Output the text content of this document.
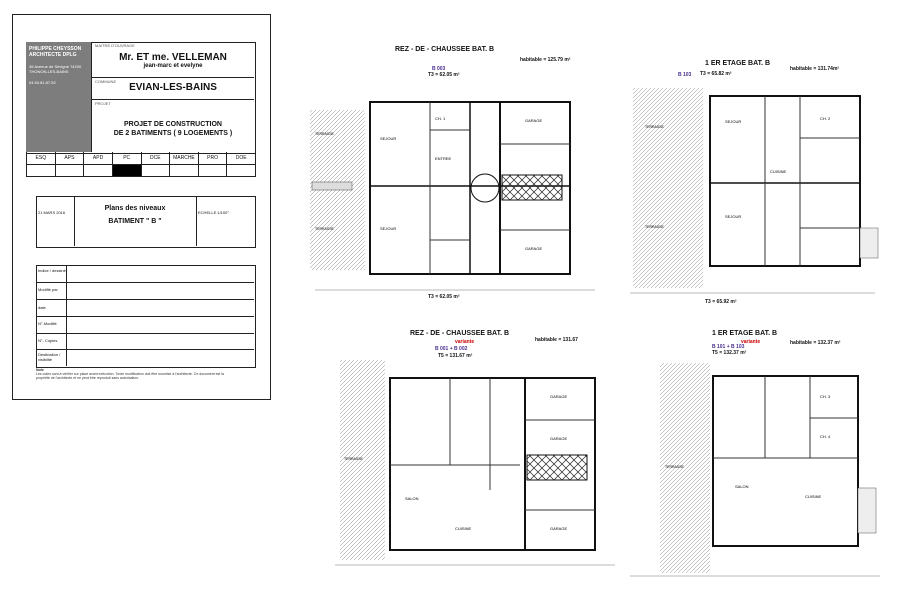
PHILIPPE CHEYSSON ARCHITECTE DPLG
36 Avenue de Sévigné 74200 THONON-LES-BAINS
04.50.81.87.52
MAITRE D'OUVRAGE
Mr. ET me. VELLEMAN
jean-marc et evelyne
COMMUNE
EVIAN-LES-BAINS
PROJET
PROJET DE CONSTRUCTION
DE 2 BATIMENTS ( 9 LOGEMENTS )
ESQ	APS	APD	PC	DCE	MARCHE	PRO	DOE
21 MARS 2016
Plans des niveaux
BATIMENT " B "
ECHELLE 1/100°
Indice / dessiné
Modifié par
date
N°-Modifié
N°- Copies
Destination / visibilité
Note
Les cotes sont à vérifier sur place avant exécution. Toute modification doit être soumise à l'architecte. Ce document est la propriété de l'architecte et ne peut être reproduit sans autorisation.
REZ - DE - CHAUSSEE BAT. B
habitable = 125.79 m²
B 003
T3 = 62.05 m²
T3 = 62.05 m²
SEJOUR
GARAGE
ENTREE
CH. 1
SEJOUR
GARAGE
TERRASSE
TERRASSE
1 ER ETAGE BAT. B
habitable = 131.74m²
B 103 T3 = 65.82 m²
T3 = 65.92 m²
SEJOUR
SEJOUR
CUISINE
CH. 2
TERRASSE
TERRASSE
REZ - DE - CHAUSSEE BAT. B
variante	habitable = 131.67
B 001 + B 002
T5 = 131.67 m²
SALON
GARAGE
GARAGE
GARAGE
CUISINE
TERRASSE
1 ER ETAGE BAT. B
variante	habitable = 132.37 m²
B 101 + B 103
T5 = 132.37 m²
CH. 3
CH. 4
SALON
CUISINE
TERRASSE
